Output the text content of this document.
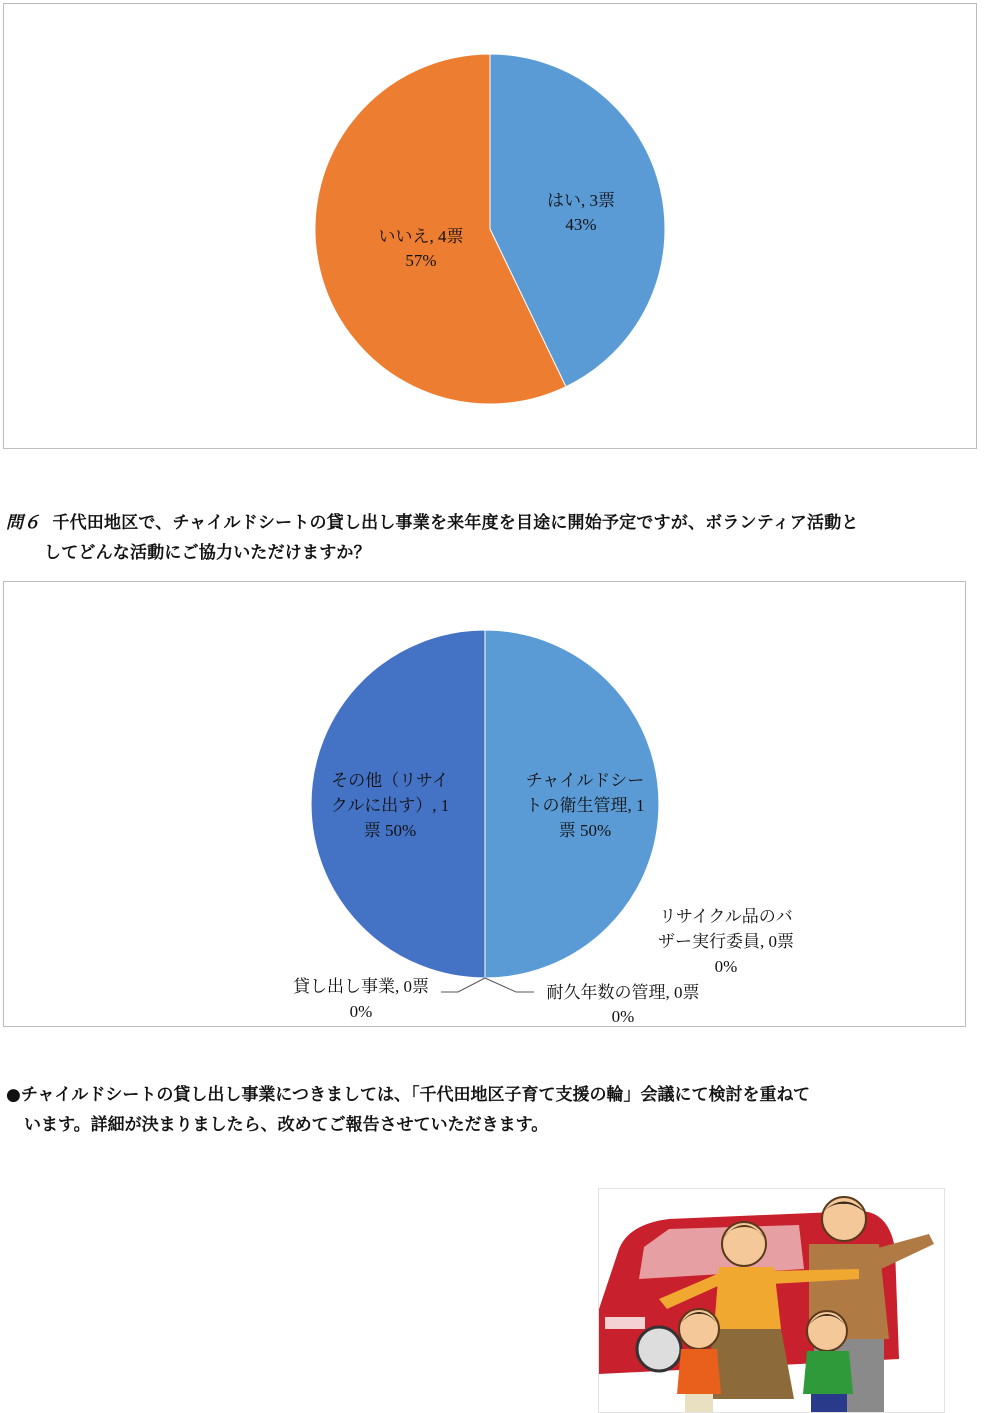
はい, 3票
43%
いいえ, 4票
57%
問６ 千代田地区で、チャイルドシートの貸し出し事業を来年度を目途に開始予定ですが、ボランティア活動と
してどんな活動にご協力いただけますか？
チャイルドシー
トの衛生管理, 1
票 50%
その他（リサイ
クルに出す）, 1
票 50%
リサイクル品のバ
ザー実行委員, 0票
0%
耐久年数の管理, 0票
0%
貸し出し事業, 0票
0%
●チャイルドシートの貸し出し事業につきましては、「千代田地区子育て支援の輪」会議にて検討を重ねて
います。詳細が決まりましたら、改めてご報告させていただきます。
